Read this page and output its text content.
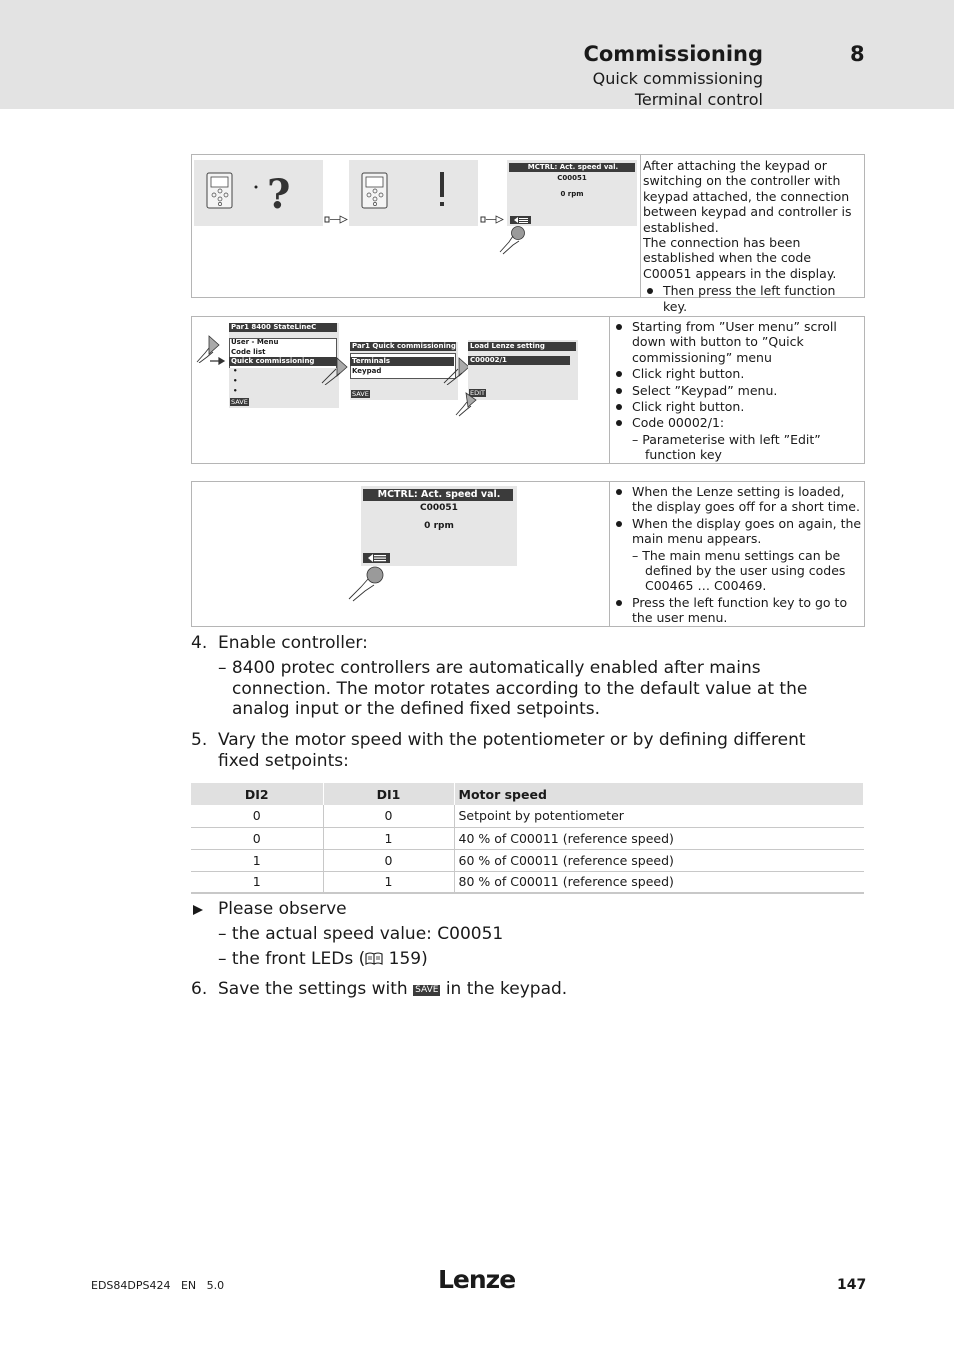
Commissioning	8
Quick commissioning
Terminal control
?
MCTRL: Act. speed val.
C00051
0 rpm

After attaching the keypad or switching on the controller with keypad attached, the connection between keypad and controller is established.

The connection has been established when the code C00051 appears in the display.

Then press the left function key.

Par1 8400 StateLineC
User - Menu
Code list
Quick commissioning
•
•
•
SAVE
Par1 Quick commissioning
Terminals
Keypad
SAVE
Load Lenze setting
C00002/1
EDIT

Starting from ”User menu” scroll down with button to ”Quick commissioning” menu

Click right button.

Select ”Keypad” menu.

Click right button.

Code 00002/1:

– Parameterise with left ”Edit” function key

MCTRL: Act. speed val.
C00051
0 rpm

When the Lenze setting is loaded, the display goes off for a short time.

When the display goes on again, the main menu appears.

– The main menu settings can be defined by the user using codes C00465 … C00469.

Press the left function key to go to the user menu.

4. Enable controller:
– 8400 protec controllers are automatically enabled after mains connection. The motor rotates according to the default value at the analog input or the defined fixed setpoints.
5. Vary the motor speed with the potentiometer or by defining different fixed setpoints:
DI2	DI1	Motor speed
0	0	Setpoint by potentiometer
0	1	40 % of C00011 (reference speed)
1	0	60 % of C00011 (reference speed)
1	1	80 % of C00011 (reference speed)
Please observe
– the actual speed value: C00051
– the front LEDs ( 159)
6. Save the settings with SAVE in the keypad.
EDS84DPS424 EN 5.0	Lenze	147
